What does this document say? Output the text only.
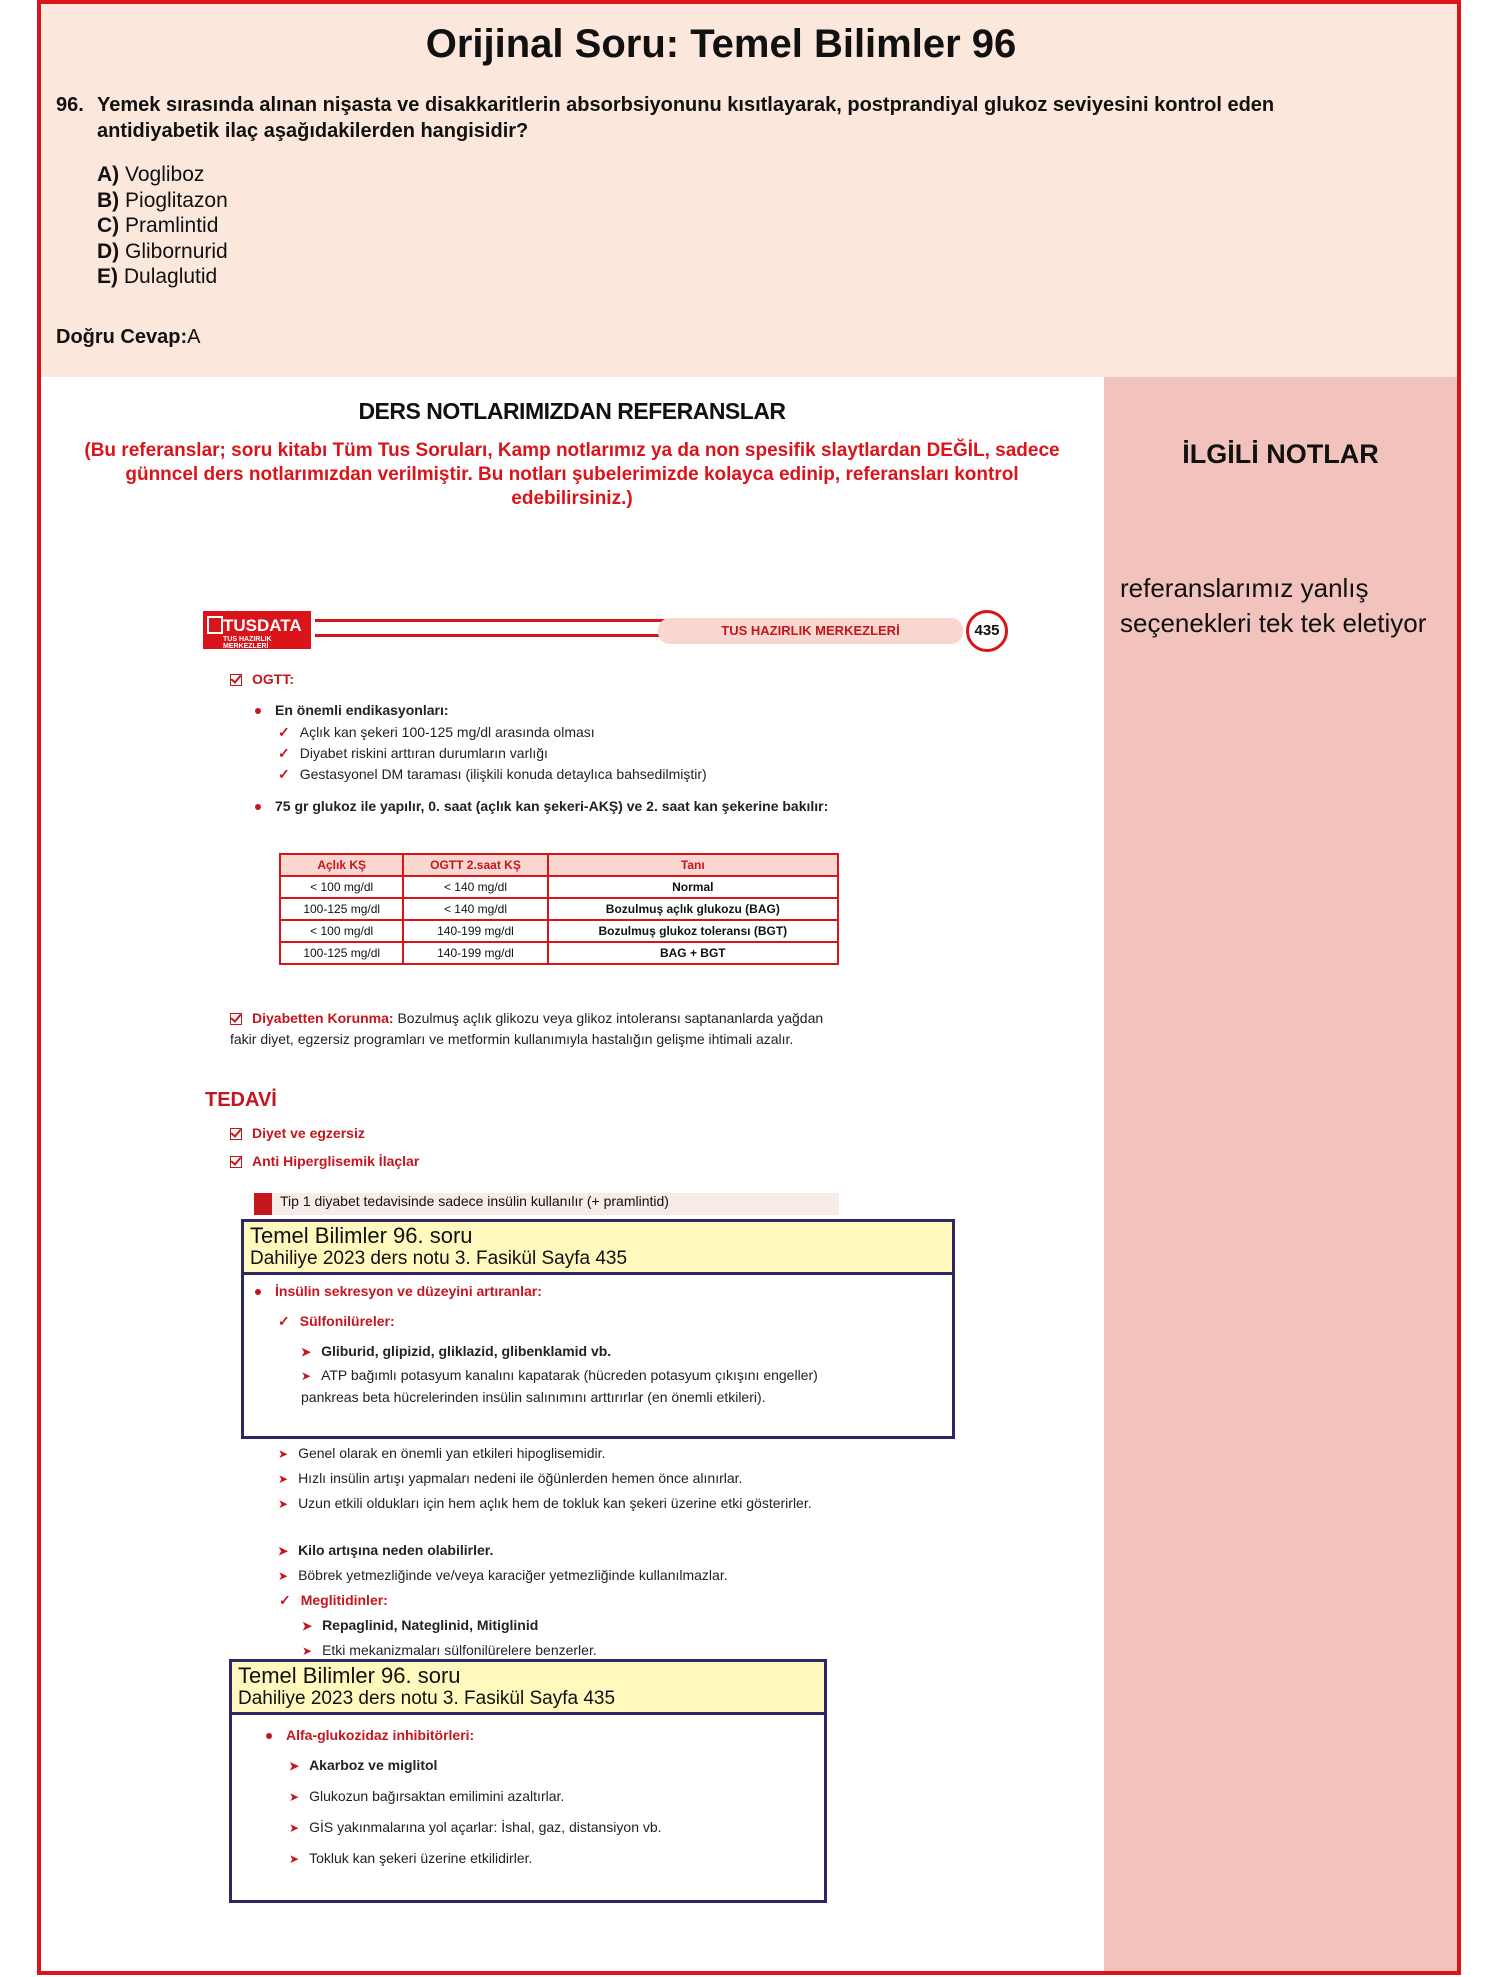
Orijinal Soru: Temel Bilimler 96
96. Yemek sırasında alınan nişasta ve disakkaritlerin absorbsiyonunu kısıtlayarak, postprandiyal glukoz seviyesini kontrol eden antidiyabetik ilaç aşağıdakilerden hangisidir?
A) Vogliboz
B) Pioglitazon
C) Pramlintid
D) Glibornurid
E) Dulaglutid
Doğru Cevap:A
DERS NOTLARIMIZDAN REFERANSLAR
(Bu referanslar; soru kitabı Tüm Tus Soruları, Kamp notlarımız ya da non spesifik slaytlardan DEĞİL, sadece günncel ders notlarımızdan verilmiştir. Bu notları şubelerimizde kolayca edinip, referansları kontrol edebilirsiniz.)
İLGİLİ NOTLAR
referanslarımız yanlış seçenekleri tek tek eletiyor
TUSDATA
TUS HAZIRLIK MERKEZLERİ
TUS HAZIRLIK MERKEZLERİ	435
OGTT:
En önemli endikasyonları:
✓ Açlık kan şekeri 100-125 mg/dl arasında olması
✓ Diyabet riskini arttıran durumların varlığı
✓ Gestasyonel DM taraması (ilişkili konuda detaylıca bahsedilmiştir)
75 gr glukoz ile yapılır, 0. saat (açlık kan şekeri-AKŞ) ve 2. saat kan şekerine bakılır:
Açlık KŞ	OGTT 2.saat KŞ	Tanı
< 100 mg/dl	< 140 mg/dl	Normal
100-125 mg/dl	< 140 mg/dl	Bozulmuş açlık glukozu (BAG)
< 100 mg/dl	140-199 mg/dl	Bozulmuş glukoz toleransı (BGT)
100-125 mg/dl	140-199 mg/dl	BAG + BGT
Diyabetten Korunma: Bozulmuş açlık glikozu veya glikoz intoleransı saptananlarda yağdan fakir diyet, egzersiz programları ve metformin kullanımıyla hastalığın gelişme ihtimali azalır.
TEDAVİ
Diyet ve egzersiz
Anti Hiperglisemik İlaçlar
Tip 1 diyabet tedavisinde sadece insülin kullanılır (+ pramlintid)
➤ Genel olarak en önemli yan etkileri hipoglisemidir.
➤ Hızlı insülin artışı yapmaları nedeni ile öğünlerden hemen önce alınırlar.
➤ Uzun etkili oldukları için hem açlık hem de tokluk kan şekeri üzerine etki gösterirler.
➤ Kilo artışına neden olabilirler.
➤ Böbrek yetmezliğinde ve/veya karaciğer yetmezliğinde kullanılmazlar.
✓ Meglitidinler:
➤ Repaglinid, Nateglinid, Mitiglinid
➤ Etki mekanizmaları sülfonilürelere benzerler.
Temel Bilimler 96. soru
Dahiliye 2023 ders notu 3. Fasikül Sayfa 435
İnsülin sekresyon ve düzeyini artıranlar:
✓ Sülfonilüreler:
➤ Gliburid, glipizid, gliklazid, glibenklamid vb.
➤ ATP bağımlı potasyum kanalını kapatarak (hücreden potasyum çıkışını engeller) pankreas beta hücrelerinden insülin salınımını arttırırlar (en önemli etkileri).
Temel Bilimler 96. soru
Dahiliye 2023 ders notu 3. Fasikül Sayfa 435
Alfa-glukozidaz inhibitörleri:
➤ Akarboz ve miglitol
➤ Glukozun bağırsaktan emilimini azaltırlar.
➤ GİS yakınmalarına yol açarlar: İshal, gaz, distansiyon vb.
➤ Tokluk kan şekeri üzerine etkilidirler.
